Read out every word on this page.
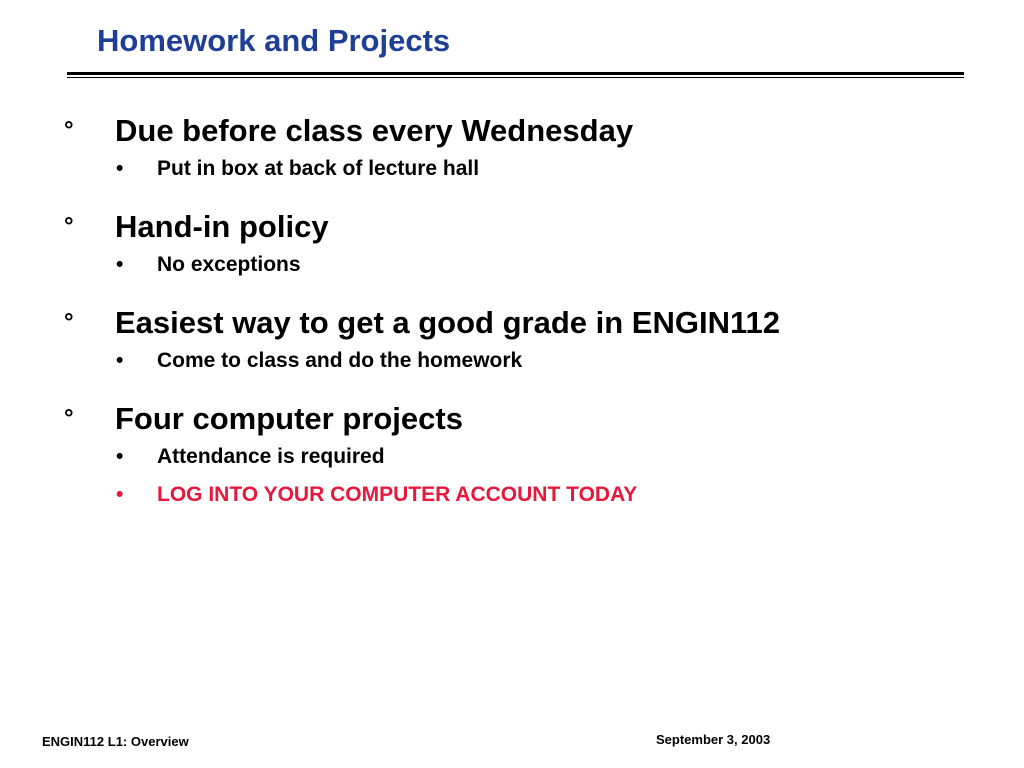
Homework and Projects
° Due before class every Wednesday
• Put in box at back of lecture hall
° Hand-in policy
• No exceptions
° Easiest way to get a good grade in ENGIN112
• Come to class and do the homework
° Four computer projects
• Attendance is required
• LOG INTO YOUR COMPUTER ACCOUNT TODAY
ENGIN112 L1: Overview	September 3, 2003
